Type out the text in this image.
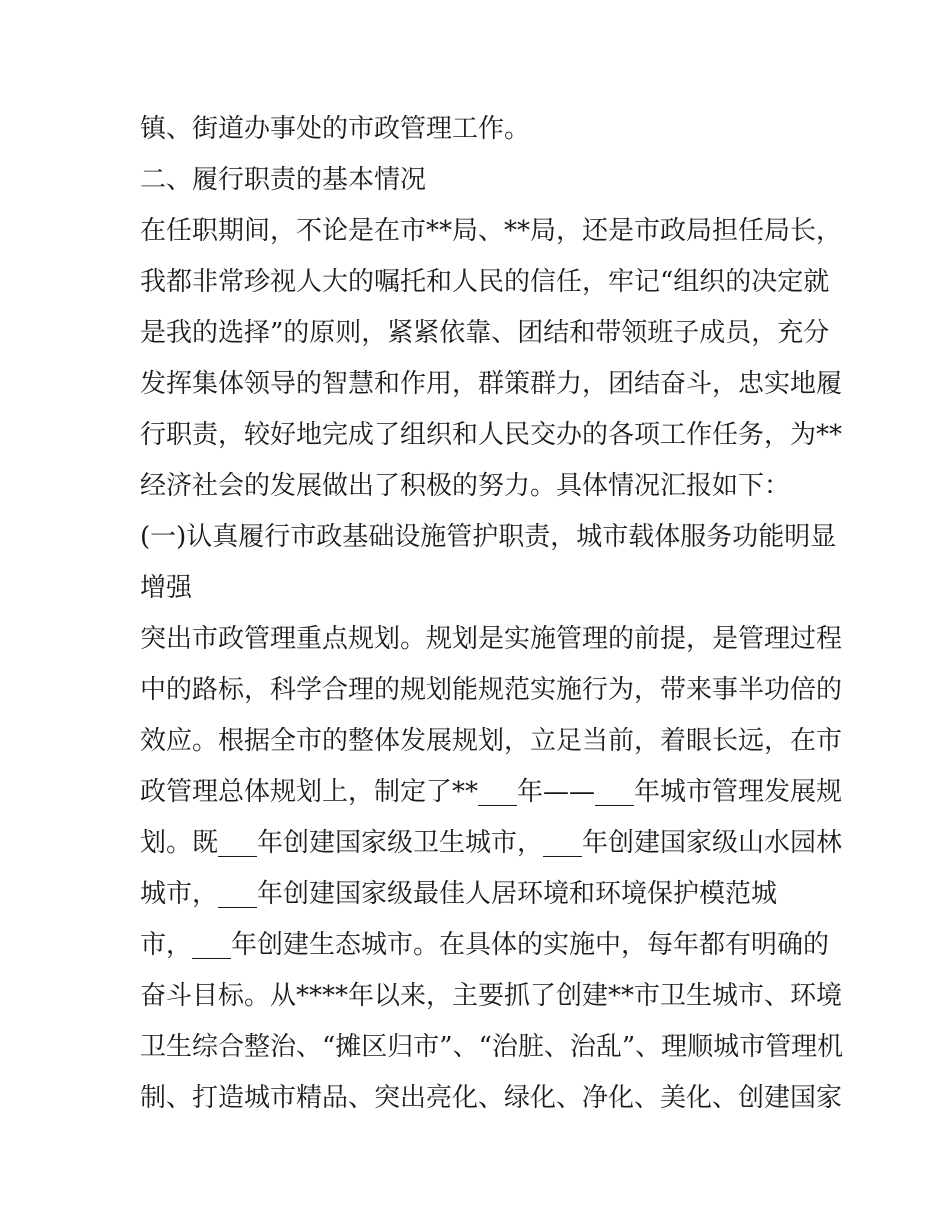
镇、街道办事处的市政管理工作。
二、履行职责的基本情况
在任职期间，不论是在市**局、**局，还是市政局担任局长，
我都非常珍视人大的嘱托和人民的信任，牢记“组织的决定就
是我的选择”的原则，紧紧依靠、团结和带领班子成员，充分
发挥集体领导的智慧和作用，群策群力，团结奋斗，忠实地履
行职责，较好地完成了组织和人民交办的各项工作任务，为**
经济社会的发展做出了积极的努力。具体情况汇报如下：
(一)认真履行市政基础设施管护职责，城市载体服务功能明显
增强
突出市政管理重点规划。规划是实施管理的前提，是管理过程
中的路标，科学合理的规划能规范实施行为，带来事半功倍的
效应。根据全市的整体发展规划，立足当前，着眼长远，在市
政管理总体规划上，制定了**___年——___年城市管理发展规
划。既___年创建国家级卫生城市，___年创建国家级山水园林
城市，___年创建国家级最佳人居环境和环境保护模范城
市，___年创建生态城市。在具体的实施中，每年都有明确的
奋斗目标。从****年以来，主要抓了创建**市卫生城市、环境
卫生综合整治、“摊区归市”、“治脏、治乱”、理顺城市管理机
制、打造城市精品、突出亮化、绿化、净化、美化、创建国家
